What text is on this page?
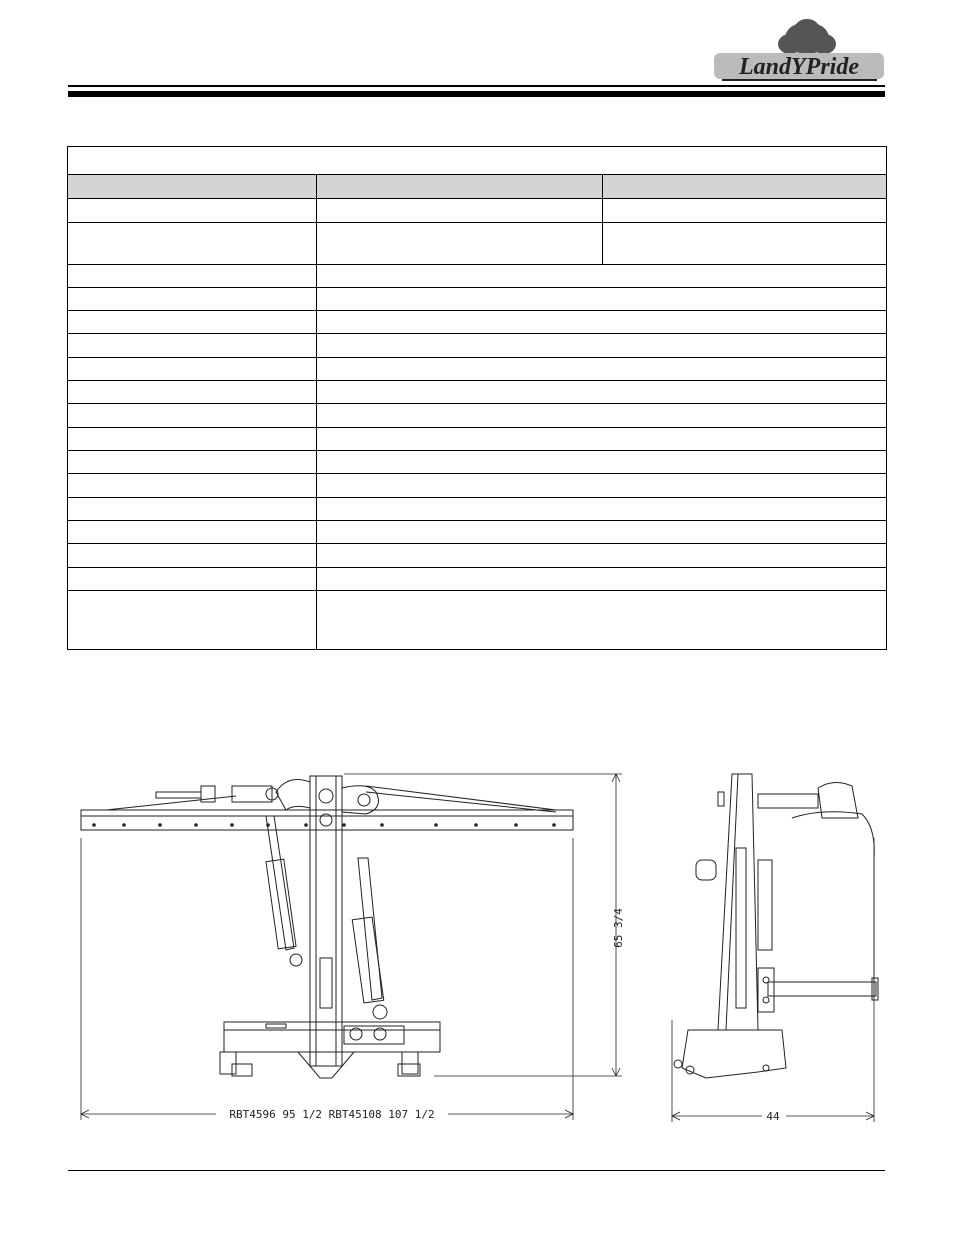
LandYPride
RBT4596 95 1/2 RBT45108 107 1/2
65 3/4
44
